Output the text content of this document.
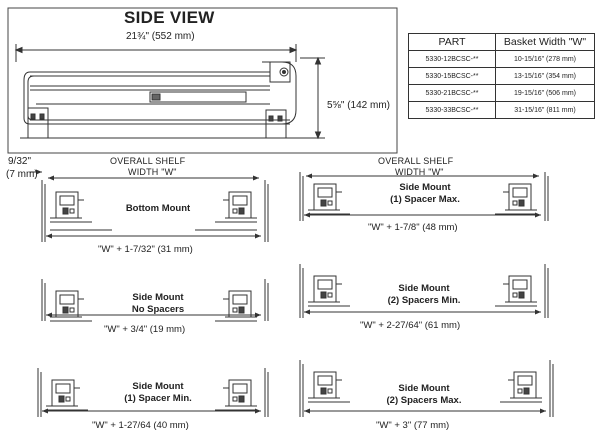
SIDE VIEW
21¾" (552 mm)
5⅝" (142 mm)
PART	Basket Width "W"
5330-12BCSC-**	10-15/16" (278 mm)
5330-15BCSC-**	13-15/16" (354 mm)
5330-21BCSC-**	19-15/16" (506 mm)
5330-33BCSC-**	31-15/16" (811 mm)
9/32"
(7 mm)
OVERALL SHELF
WIDTH "W"
OVERALL SHELF
WIDTH "W"
Bottom Mount
"W" + 1-7/32" (31 mm)
Side Mount
(1) Spacer Max.
"W" + 1-7/8" (48 mm)
Side Mount
No Spacers
"W" + 3/4" (19 mm)
Side Mount
(2) Spacers Min.
"W" + 2-27/64" (61 mm)
Side Mount
(1) Spacer Min.
"W" + 1-27/64 (40 mm)
Side Mount
(2) Spacers Max.
"W" + 3" (77 mm)
